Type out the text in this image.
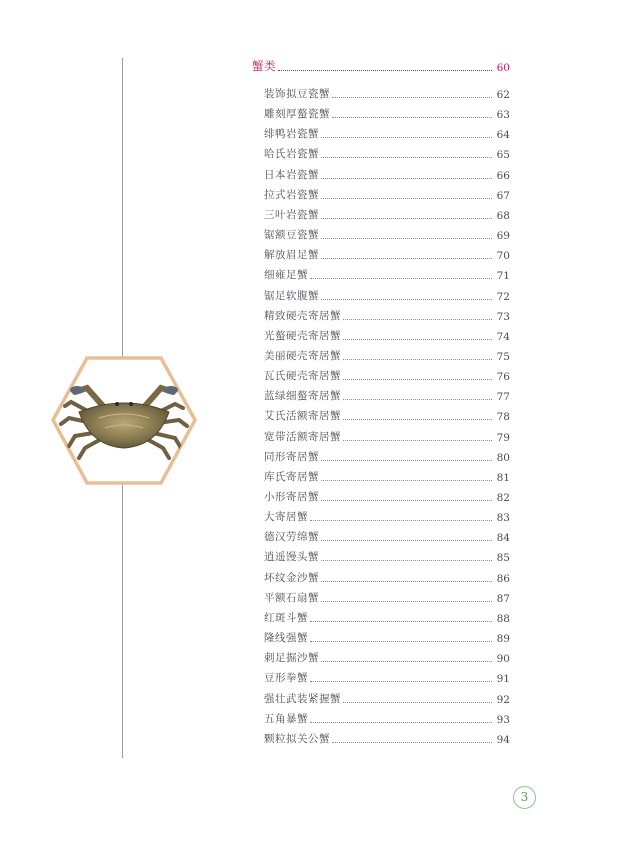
蟹类	60
装饰拟豆瓷蟹	62
雕刻厚螯瓷蟹	63
绯鸭岩瓷蟹	64
哈氏岩瓷蟹	65
日本岩瓷蟹	66
拉式岩瓷蟹	67
三叶岩瓷蟹	68
锯额豆瓷蟹	69
解放眉足蟹	70
细雍足蟹	71
锯足软腹蟹	72
精致硬壳寄居蟹	73
光螯硬壳寄居蟹	74
美丽硬壳寄居蟹	75
瓦氏硬壳寄居蟹	76
蓝绿细螯寄居蟹	77
艾氏活额寄居蟹	78
宽带活额寄居蟹	79
同形寄居蟹	80
库氏寄居蟹	81
小形寄居蟹	82
大寄居蟹	83
德汉劳绵蟹	84
逍遥馒头蟹	85
坏纹金沙蟹	86
平额石扇蟹	87
红斑斗蟹	88
隆线强蟹	89
刺足掘沙蟹	90
豆形拳蟹	91
强壮武装紧握蟹	92
五角暴蟹	93
颗粒拟关公蟹	94
3
